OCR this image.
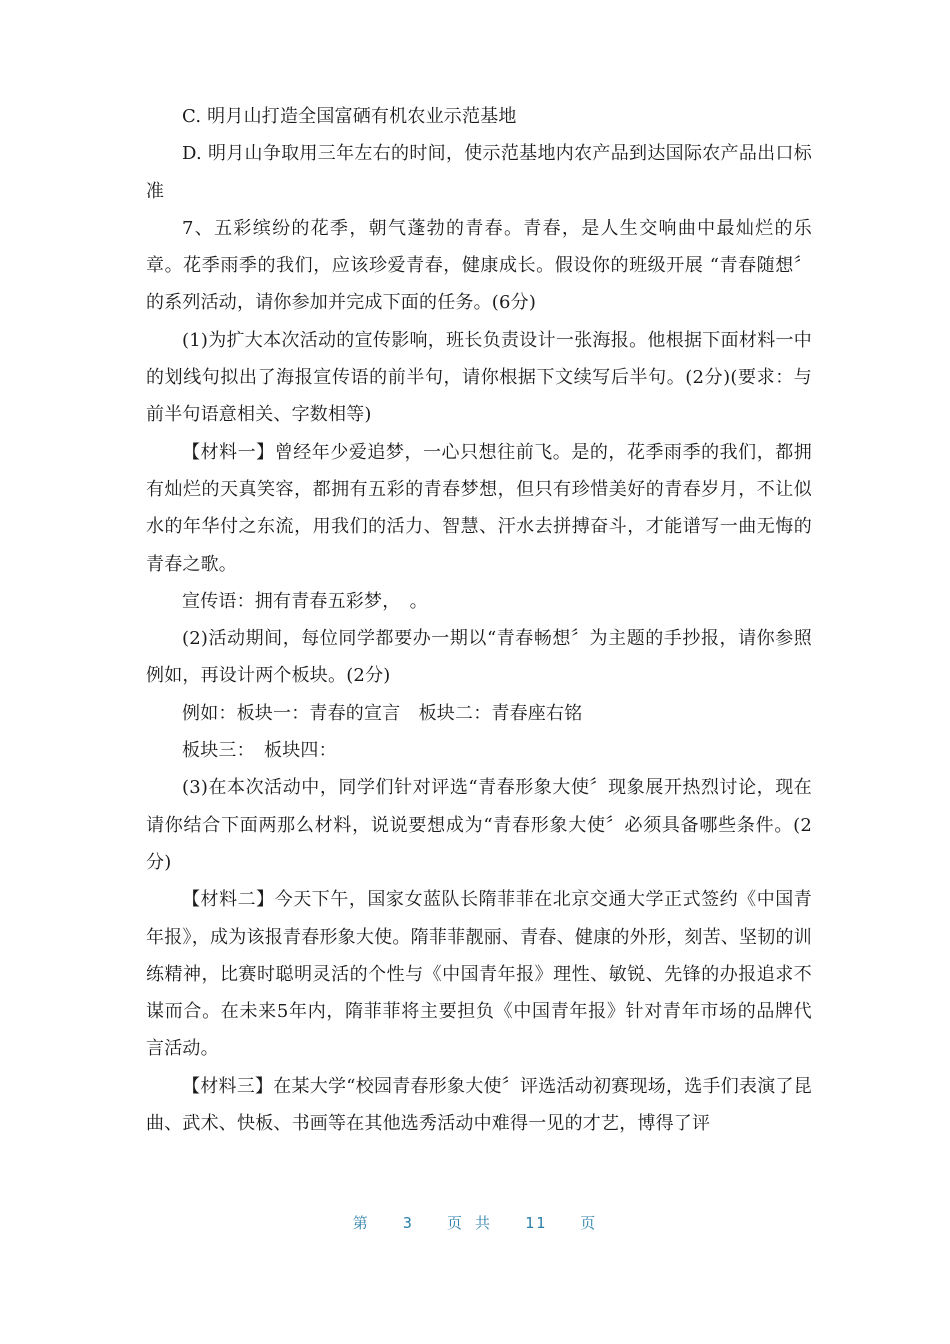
C. 明月山打造全国富硒有机农业示范基地

D. 明月山争取用三年左右的时间，使示范基地内农产品到达国际农产品出口标准

7、五彩缤纷的花季，朝气蓬勃的青春。青春，是人生交响曲中最灿烂的乐章。花季雨季的我们，应该珍爱青春，健康成长。假设你的班级开展 “青春随想〞的系列活动，请你参加并完成下面的任务。(6分)

(1)为扩大本次活动的宣传影响，班长负责设计一张海报。他根据下面材料一中的划线句拟出了海报宣传语的前半句，请你根据下文续写后半句。(2分)(要求：与前半句语意相关、字数相等)

【材料一】曾经年少爱追梦，一心只想往前飞。是的，花季雨季的我们，都拥有灿烂的天真笑容，都拥有五彩的青春梦想，但只有珍惜美好的青春岁月，不让似水的年华付之东流，用我们的活力、智慧、汗水去拼搏奋斗，才能谱写一曲无悔的青春之歌。

宣传语：拥有青春五彩梦，　。

(2)活动期间，每位同学都要办一期以“青春畅想〞为主题的手抄报，请你参照例如，再设计两个板块。(2分)

例如：板块一：青春的宣言　板块二：青春座右铭

板块三：　板块四：

(3)在本次活动中，同学们针对评选“青春形象大使〞现象展开热烈讨论，现在请你结合下面两那么材料，说说要想成为“青春形象大使〞必须具备哪些条件。(2分)

【材料二】今天下午，国家女蓝队长隋菲菲在北京交通大学正式签约《中国青年报》，成为该报青春形象大使。隋菲菲靓丽、青春、健康的外形，刻苦、坚韧的训练精神，比赛时聪明灵活的个性与《中国青年报》理性、敏锐、先锋的办报追求不谋而合。在未来5年内，隋菲菲将主要担负《中国青年报》针对青年市场的品牌代言活动。

【材料三】在某大学“校园青春形象大使〞评选活动初赛现场，选手们表演了昆曲、武术、快板、书画等在其他选秀活动中难得一见的才艺，博得了评

第 3 页 共 11 页
